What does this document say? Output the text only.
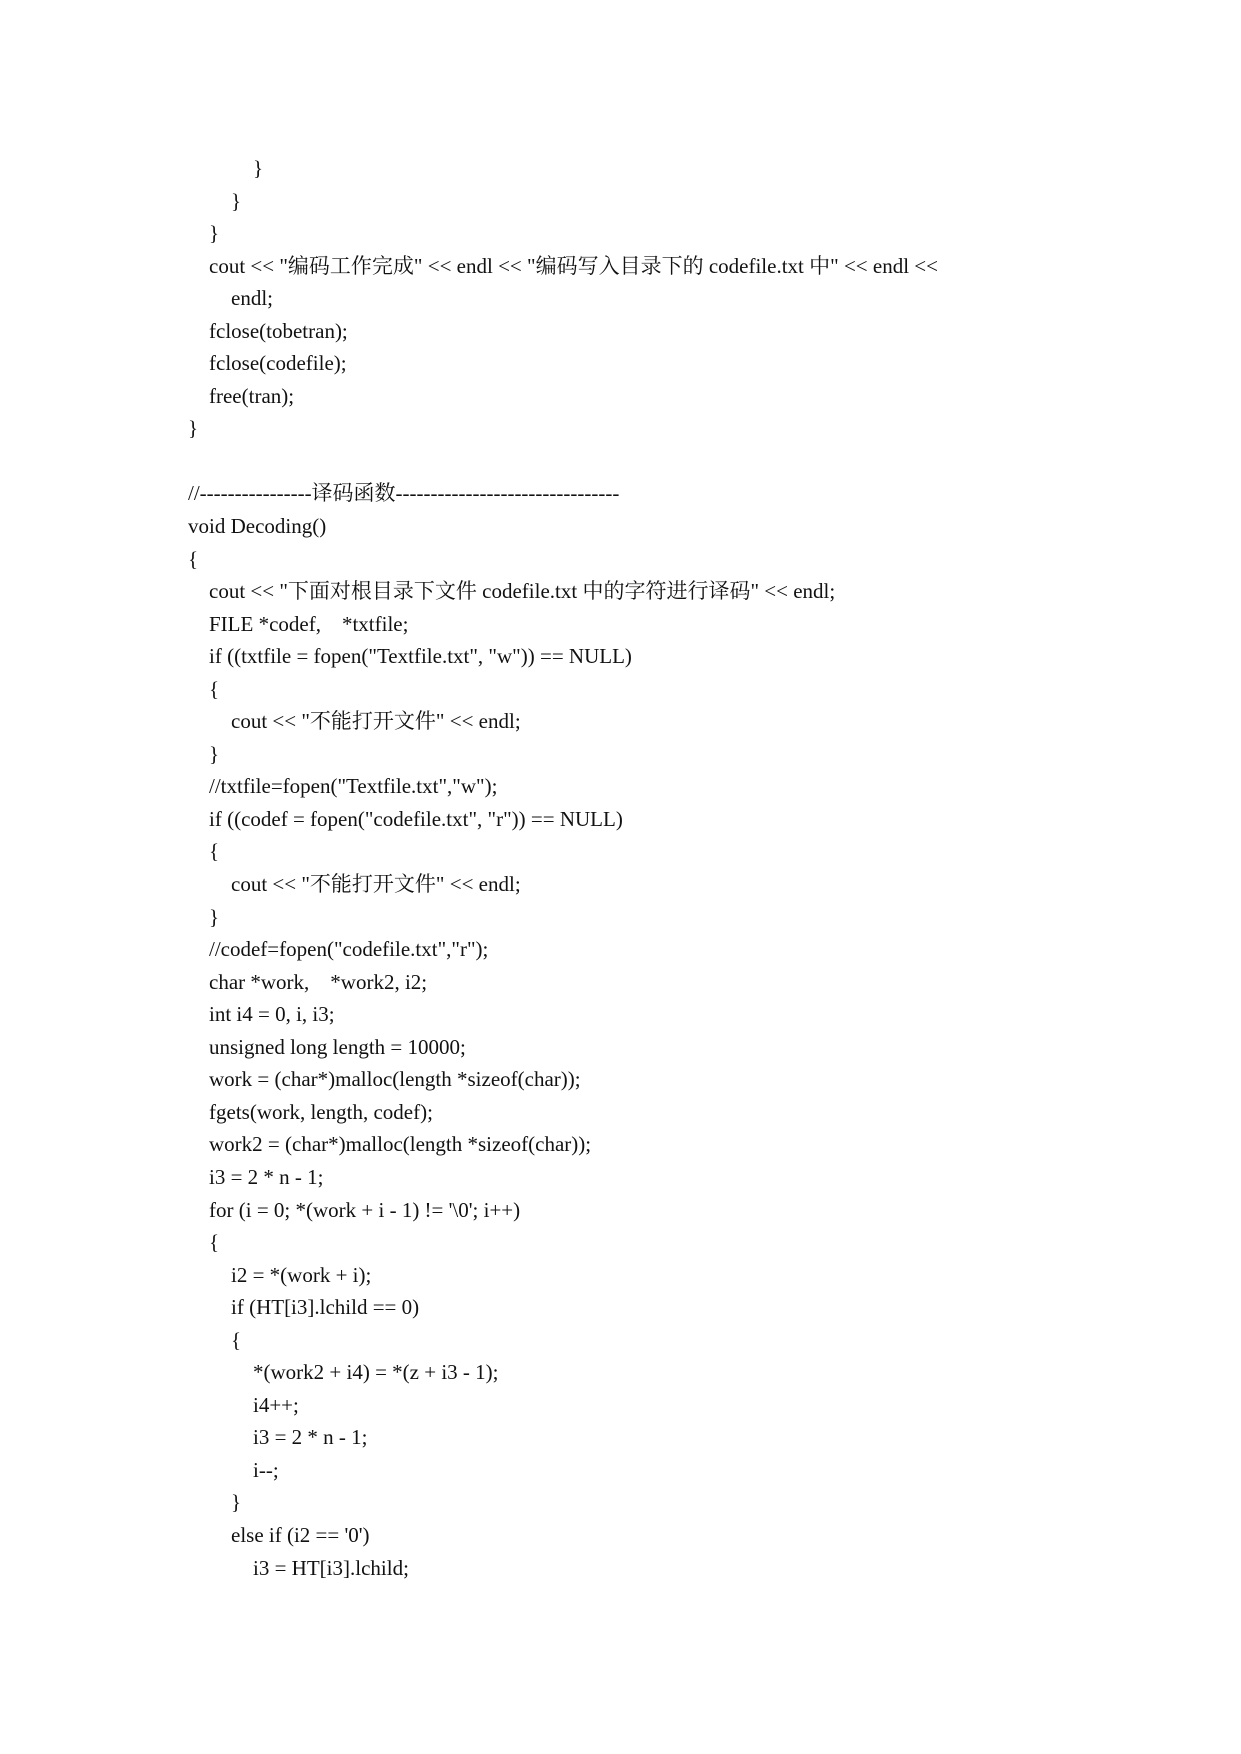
}
}
}
cout << "编码工作完成" << endl << "编码写入目录下的 codefile.txt 中" << endl <<
endl;
fclose(tobetran);
fclose(codefile);
free(tran);
}
//----------------译码函数--------------------------------
void Decoding()
{
cout << "下面对根目录下文件 codefile.txt 中的字符进行译码" << endl;
FILE *codef,    *txtfile;
if ((txtfile = fopen("Textfile.txt", "w")) == NULL)
{
cout << "不能打开文件" << endl;
}
//txtfile=fopen("Textfile.txt","w");
if ((codef = fopen("codefile.txt", "r")) == NULL)
{
cout << "不能打开文件" << endl;
}
//codef=fopen("codefile.txt","r");
char *work,    *work2, i2;
int i4 = 0, i, i3;
unsigned long length = 10000;
work = (char*)malloc(length *sizeof(char));
fgets(work, length, codef);
work2 = (char*)malloc(length *sizeof(char));
i3 = 2 * n - 1;
for (i = 0; *(work + i - 1) != '\0'; i++)
{
i2 = *(work + i);
if (HT[i3].lchild == 0)
{
*(work2 + i4) = *(z + i3 - 1);
i4++;
i3 = 2 * n - 1;
i--;
}
else if (i2 == '0')
i3 = HT[i3].lchild;
